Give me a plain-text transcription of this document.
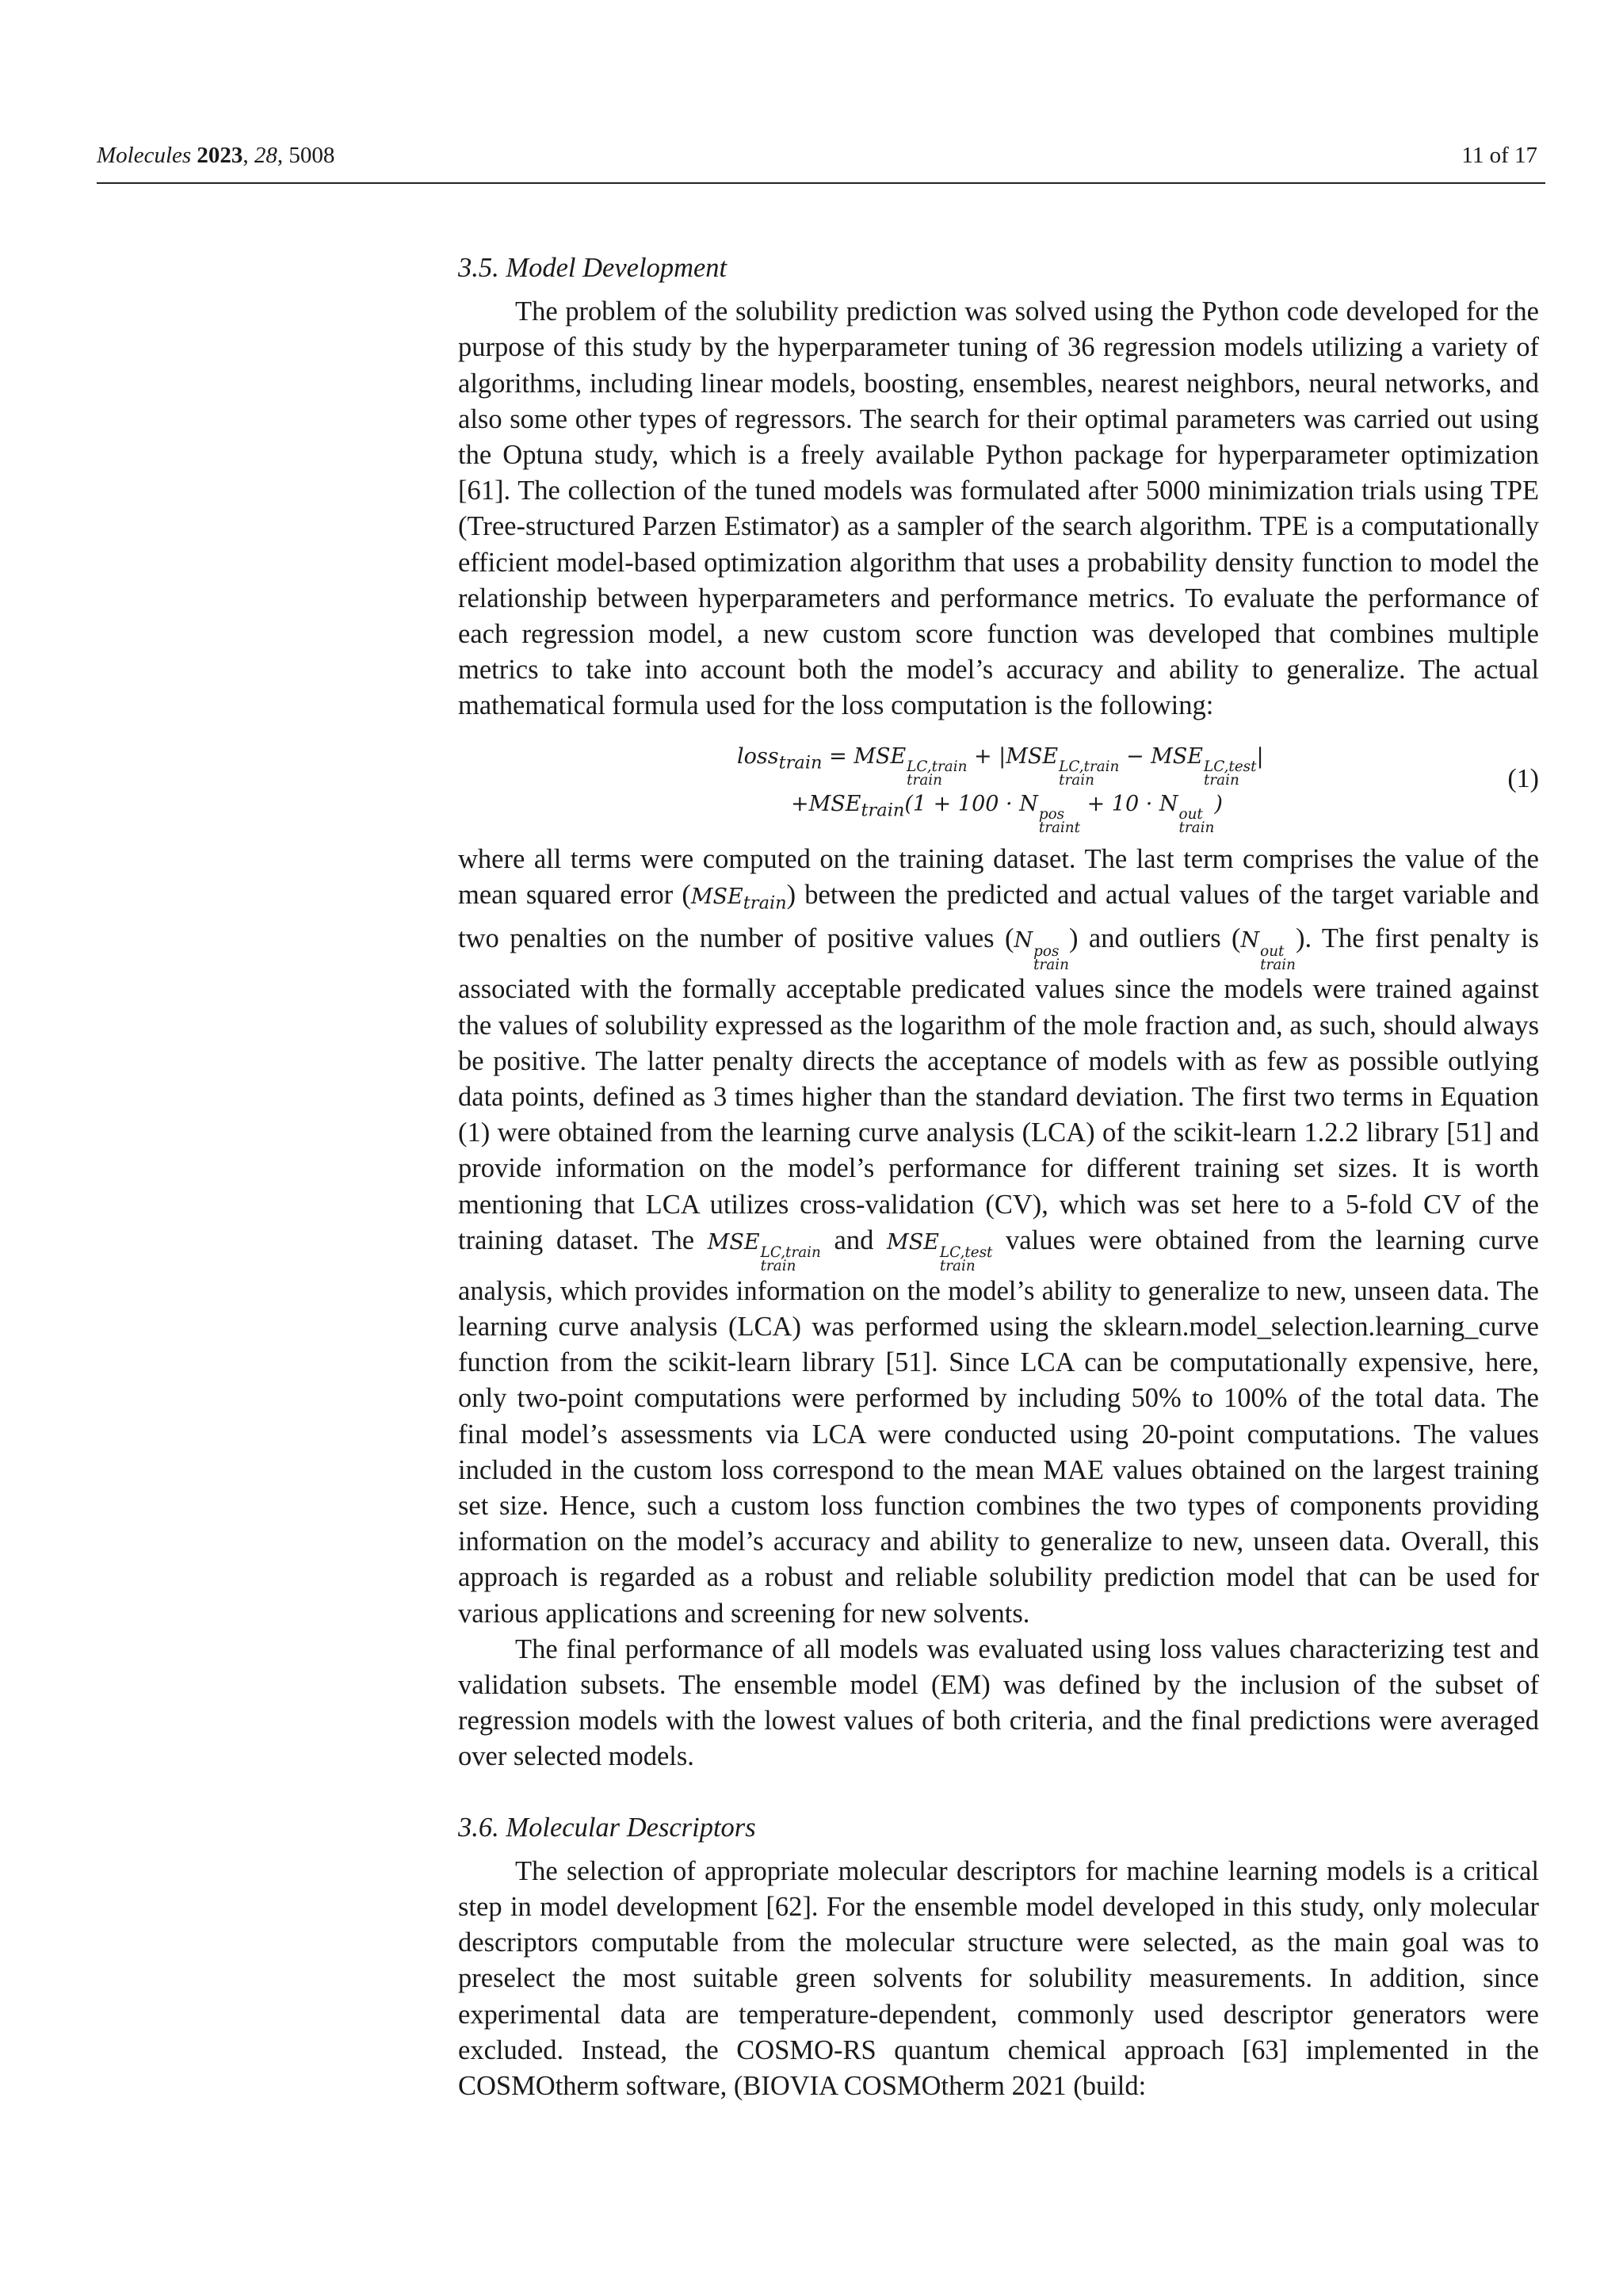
Molecules 2023, 28, 5008	11 of 17
3.5. Model Development

The problem of the solubility prediction was solved using the Python code developed for the purpose of this study by the hyperparameter tuning of 36 regression models utilizing a variety of algorithms, including linear models, boosting, ensembles, nearest neighbors, neural networks, and also some other types of regressors. The search for their optimal parameters was carried out using the Optuna study, which is a freely available Python package for hyperparameter optimization [61]. The collection of the tuned models was formulated after 5000 minimization trials using TPE (Tree-structured Parzen Estimator) as a sampler of the search algorithm. TPE is a computationally efficient model-based optimization algorithm that uses a probability density function to model the relationship between hyperparameters and performance metrics. To evaluate the performance of each regression model, a new custom score function was developed that combines multiple metrics to take into account both the model’s accuracy and ability to generalize. The actual mathematical formula used for the loss computation is the following:

loss$_{train}$ = MSE LC,train
train
+ |MSE LC,train
train
− MSE LC,test
train
|
$+MSE_{train}(1 + 100 \cdot N$ pos
traint
+ 10 · N out
train
)
(1)

where all terms were computed on the training dataset. The last term comprises the value of the mean squared error $(MSE_{train})$ between the predicted and actual values of the target variable and two penalties on the number of positive values (N pos
train
) and outliers (N out
train
). The first penalty is associated with the formally acceptable predicated values since the models were trained against the values of solubility expressed as the logarithm of the mole fraction and, as such, should always be positive. The latter penalty directs the acceptance of models with as few as possible outlying data points, defined as 3 times higher than the standard deviation. The first two terms in Equation (1) were obtained from the learning curve analysis (LCA) of the scikit-learn 1.2.2 library [51] and provide information on the model’s performance for different training set sizes. It is worth mentioning that LCA utilizes cross-validation (CV), which was set here to a 5-fold CV of the training dataset. The MSE LC,train
train
and MSE LC,test
train
values were obtained from the learning curve analysis, which provides information on the model’s ability to generalize to new, unseen data. The learning curve analysis (LCA) was performed using the sklearn.model_selection.learning_curve function from the scikit-learn library [51]. Since LCA can be computationally expensive, here, only two-point computations were performed by including 50% to 100% of the total data. The final model’s assessments via LCA were conducted using 20-point computations. The values included in the custom loss correspond to the mean MAE values obtained on the largest training set size. Hence, such a custom loss function combines the two types of components providing information on the model’s accuracy and ability to generalize to new, unseen data. Overall, this approach is regarded as a robust and reliable solubility prediction model that can be used for various applications and screening for new solvents.

The final performance of all models was evaluated using loss values characterizing test and validation subsets. The ensemble model (EM) was defined by the inclusion of the subset of regression models with the lowest values of both criteria, and the final predictions were averaged over selected models.

3.6. Molecular Descriptors

The selection of appropriate molecular descriptors for machine learning models is a critical step in model development [62]. For the ensemble model developed in this study, only molecular descriptors computable from the molecular structure were selected, as the main goal was to preselect the most suitable green solvents for solubility measurements. In addition, since experimental data are temperature-dependent, commonly used descriptor generators were excluded. Instead, the COSMO-RS quantum chemical approach [63] implemented in the COSMOtherm software, (BIOVIA COSMOtherm 2021 (build:
